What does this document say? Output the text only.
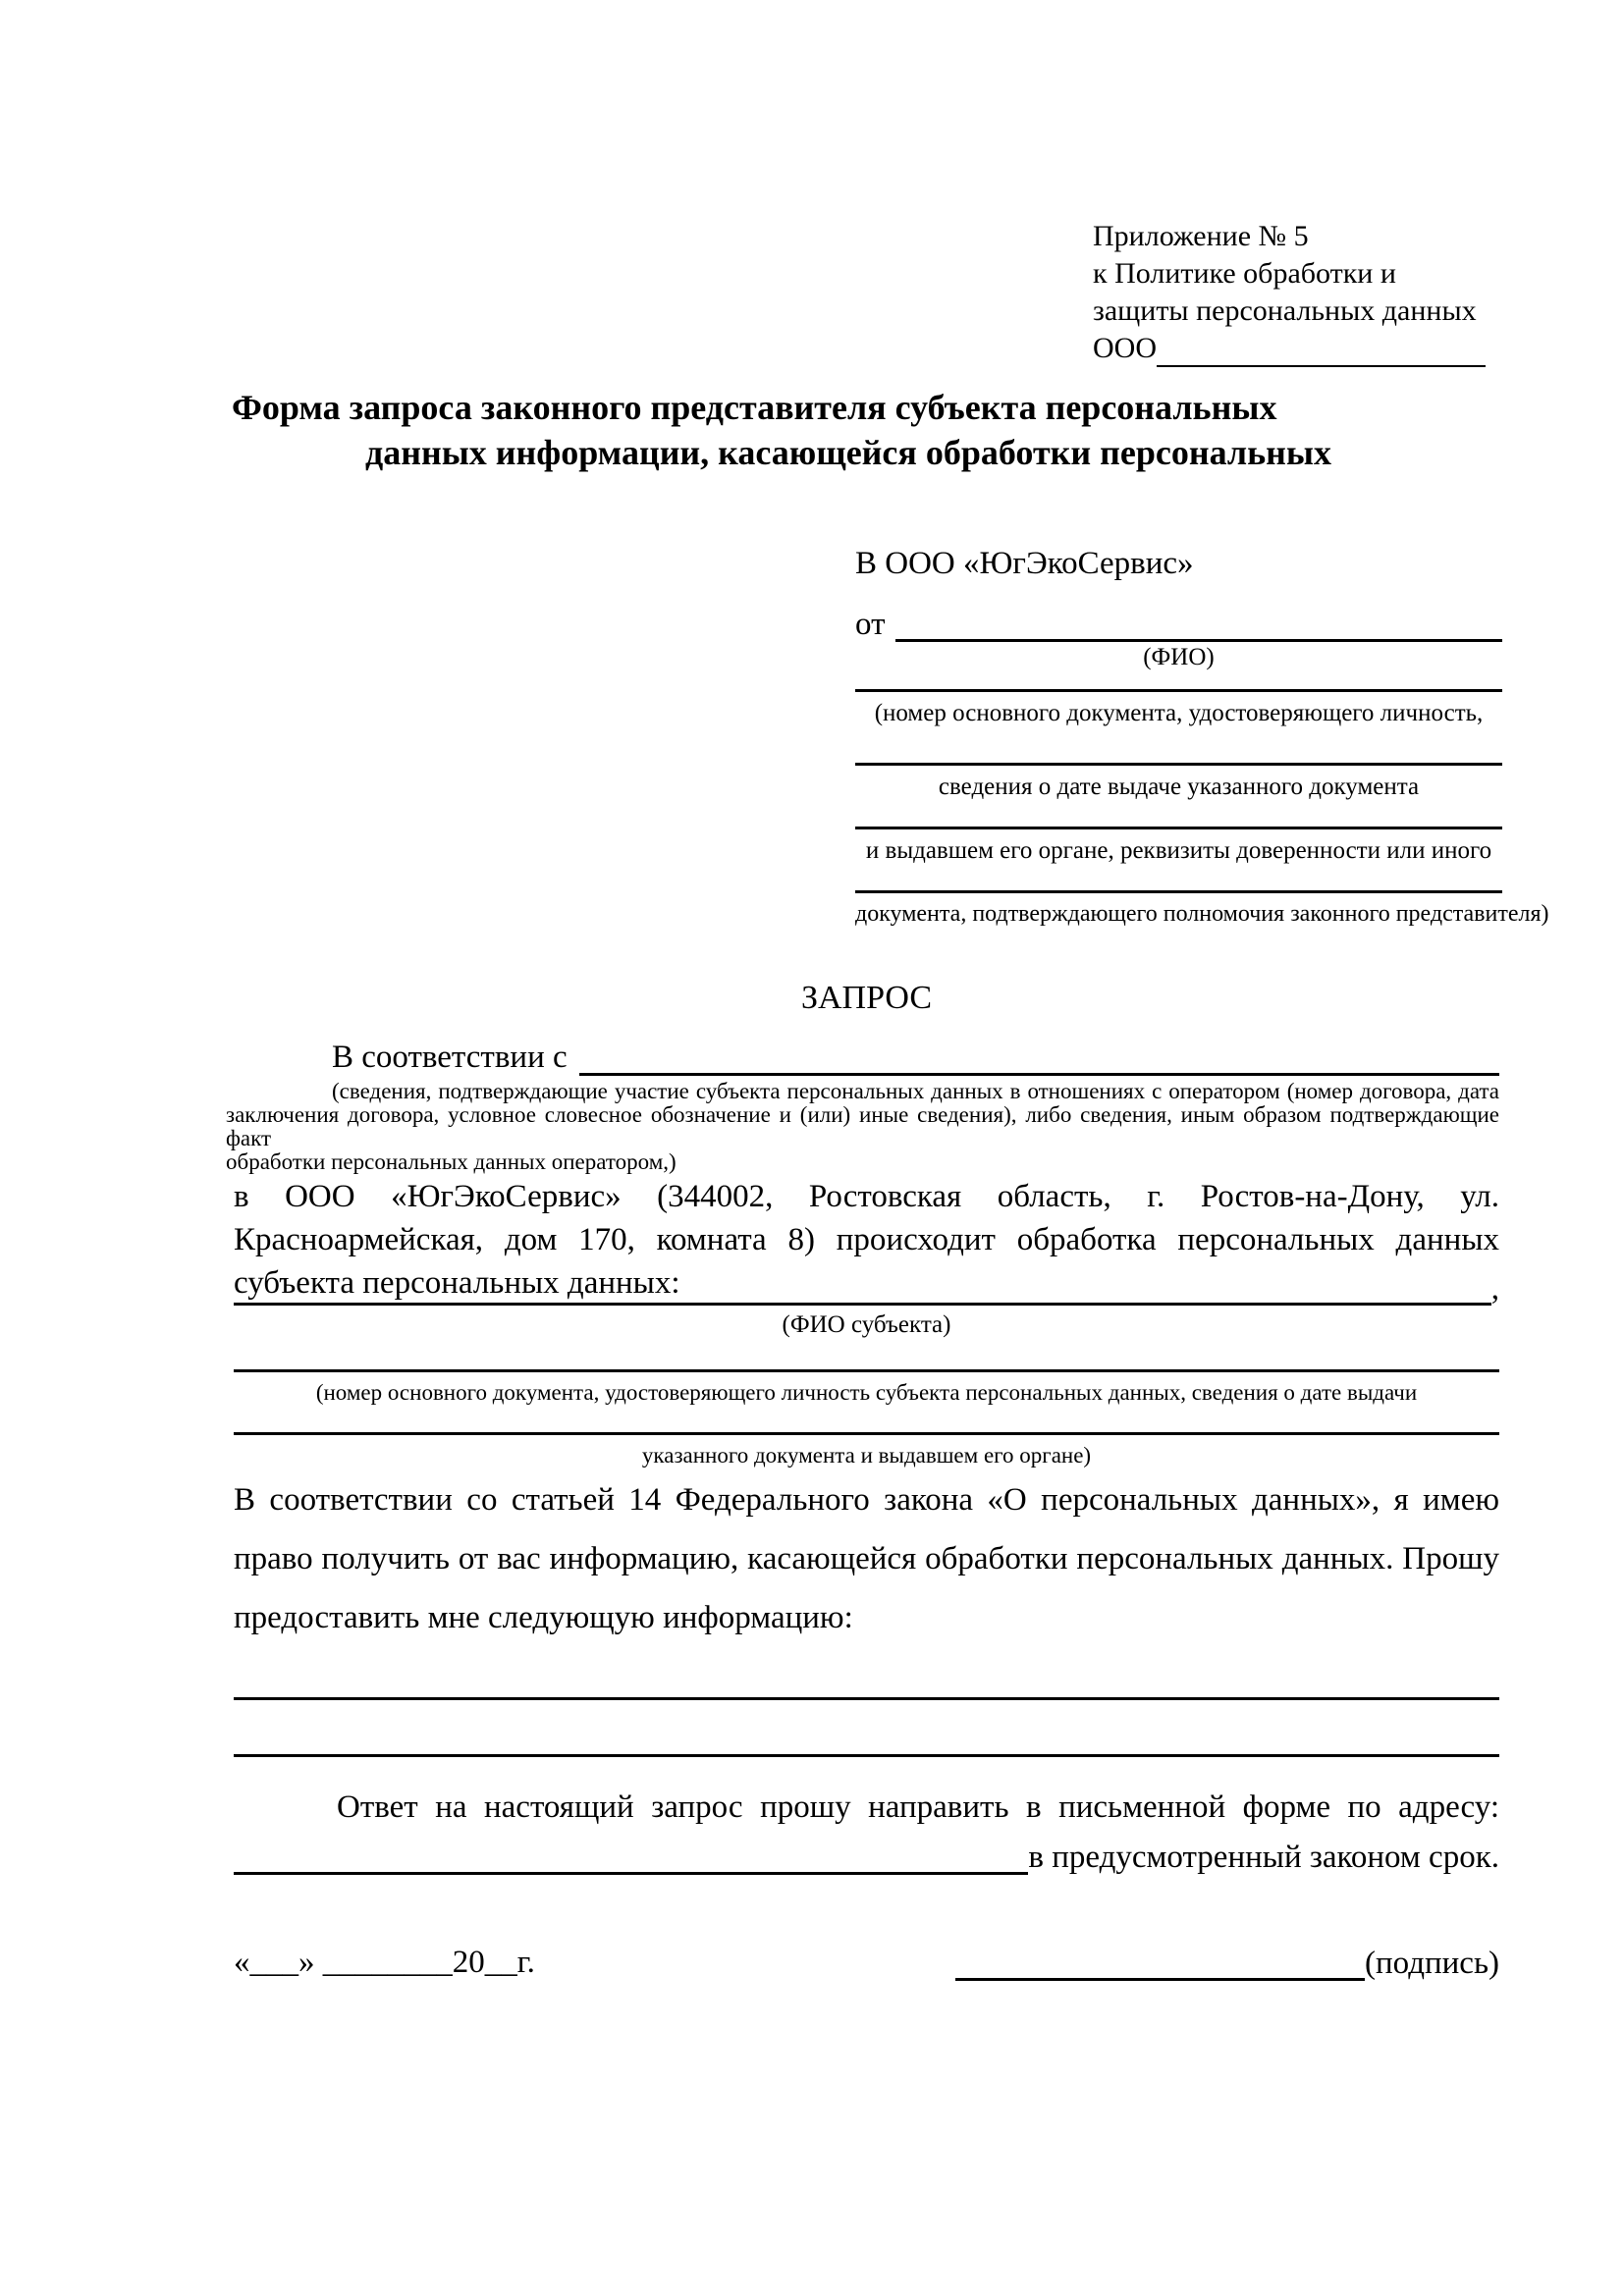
Приложение № 5
к Политике обработки и
защиты персональных данных
ООО
Форма запроса законного представителя субъекта персональных
данных информации, касающейся обработки персональных
В ООО «ЮгЭкоСервис»
от
(ФИО)
(номер основного документа, удостоверяющего личность,
сведения о дате выдаче указанного документа
и выдавшем его органе, реквизиты доверенности или иного
документа, подтверждающего полномочия законного представителя)
ЗАПРОС
В соответствии с
(сведения, подтверждающие участие субъекта персональных данных в отношениях с оператором (номер договора, дата
заключения договора, условное словесное обозначение и (или) иные сведения), либо сведения, иным образом подтверждающие факт
обработки персональных данных оператором,)
в ООО «ЮгЭкоСервис» (344002, Ростовская область, г. Ростов-на-Дону, ул.
Красноармейская, дом 170, комната 8) происходит обработка персональных данных
субъекта персональных данных:	,
(ФИО субъекта)
(номер основного документа, удостоверяющего личность субъекта персональных данных, сведения о дате выдачи
указанного документа и выдавшем его органе)
В соответствии со статьей 14 Федерального закона «О персональных данных», я имею
право получить от вас информацию, касающейся обработки персональных данных. Прошу
предоставить мне следующую информацию:
Ответ на настоящий запрос прошу направить в письменной форме по адресу:
в предусмотренный законом срок.
«___» ________20__г.	(подпись)
